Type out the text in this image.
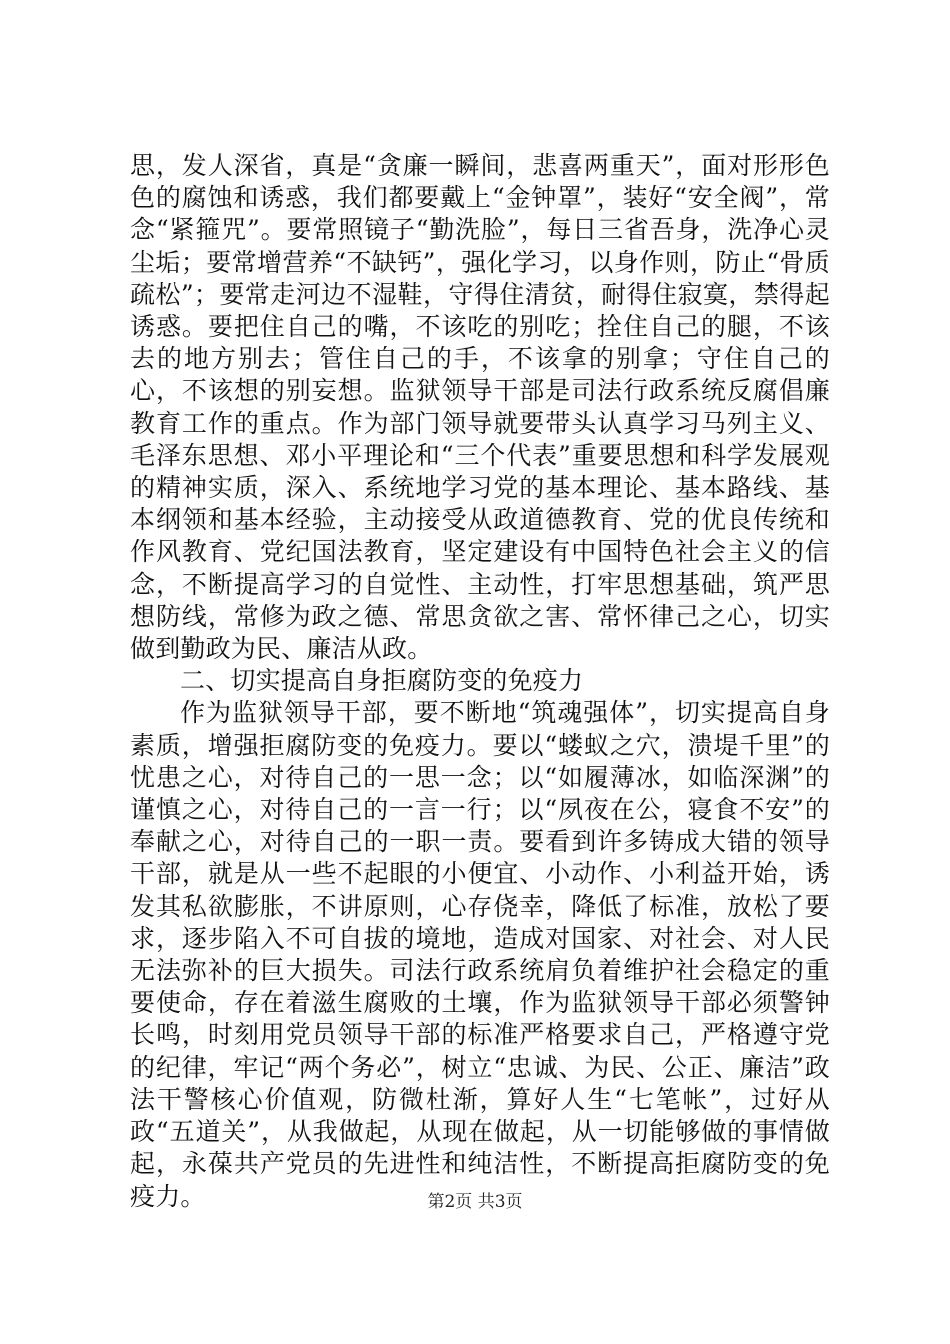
思，发人深省，真是“贪廉一瞬间，悲喜两重天”，面对形形色色的腐蚀和诱惑，我们都要戴上“金钟罩”，装好“安全阀”，常念“紧箍咒”。要常照镜子“勤洗脸”，每日三省吾身，洗净心灵尘垢；要常增营养“不缺钙”，强化学习，以身作则，防止“骨质疏松”；要常走河边不湿鞋，守得住清贫，耐得住寂寞，禁得起诱惑。要把住自己的嘴，不该吃的别吃；拴住自己的腿，不该去的地方别去；管住自己的手，不该拿的别拿；守住自己的心，不该想的别妄想。监狱领导干部是司法行政系统反腐倡廉教育工作的重点。作为部门领导就要带头认真学习马列主义、毛泽东思想、邓小平理论和“三个代表”重要思想和科学发展观的精神实质，深入、系统地学习党的基本理论、基本路线、基本纲领和基本经验，主动接受从政道德教育、党的优良传统和作风教育、党纪国法教育，坚定建设有中国特色社会主义的信念，不断提高学习的自觉性、主动性，打牢思想基础，筑严思想防线，常修为政之德、常思贪欲之害、常怀律己之心，切实做到勤政为民、廉洁从政。

二、切实提高自身拒腐防变的免疫力

作为监狱领导干部，要不断地“筑魂强体”，切实提高自身素质，增强拒腐防变的免疫力。要以“蝼蚁之穴，溃堤千里”的忧患之心，对待自己的一思一念；以“如履薄冰，如临深渊”的谨慎之心，对待自己的一言一行；以“夙夜在公，寝食不安”的奉献之心，对待自己的一职一责。要看到许多铸成大错的领导干部，就是从一些不起眼的小便宜、小动作、小利益开始，诱发其私欲膨胀，不讲原则，心存侥幸，降低了标准，放松了要求，逐步陷入不可自拔的境地，造成对国家、对社会、对人民无法弥补的巨大损失。司法行政系统肩负着维护社会稳定的重要使命，存在着滋生腐败的土壤，作为监狱领导干部必须警钟长鸣，时刻用党员领导干部的标准严格要求自己，严格遵守党的纪律，牢记“两个务必”，树立“忠诚、为民、公正、廉洁”政法干警核心价值观，防微杜渐，算好人生“七笔帐”，过好从政“五道关”，从我做起，从现在做起，从一切能够做的事情做起，永葆共产党员的先进性和纯洁性，不断提高拒腐防变的免疫力。	第2页 共3页
